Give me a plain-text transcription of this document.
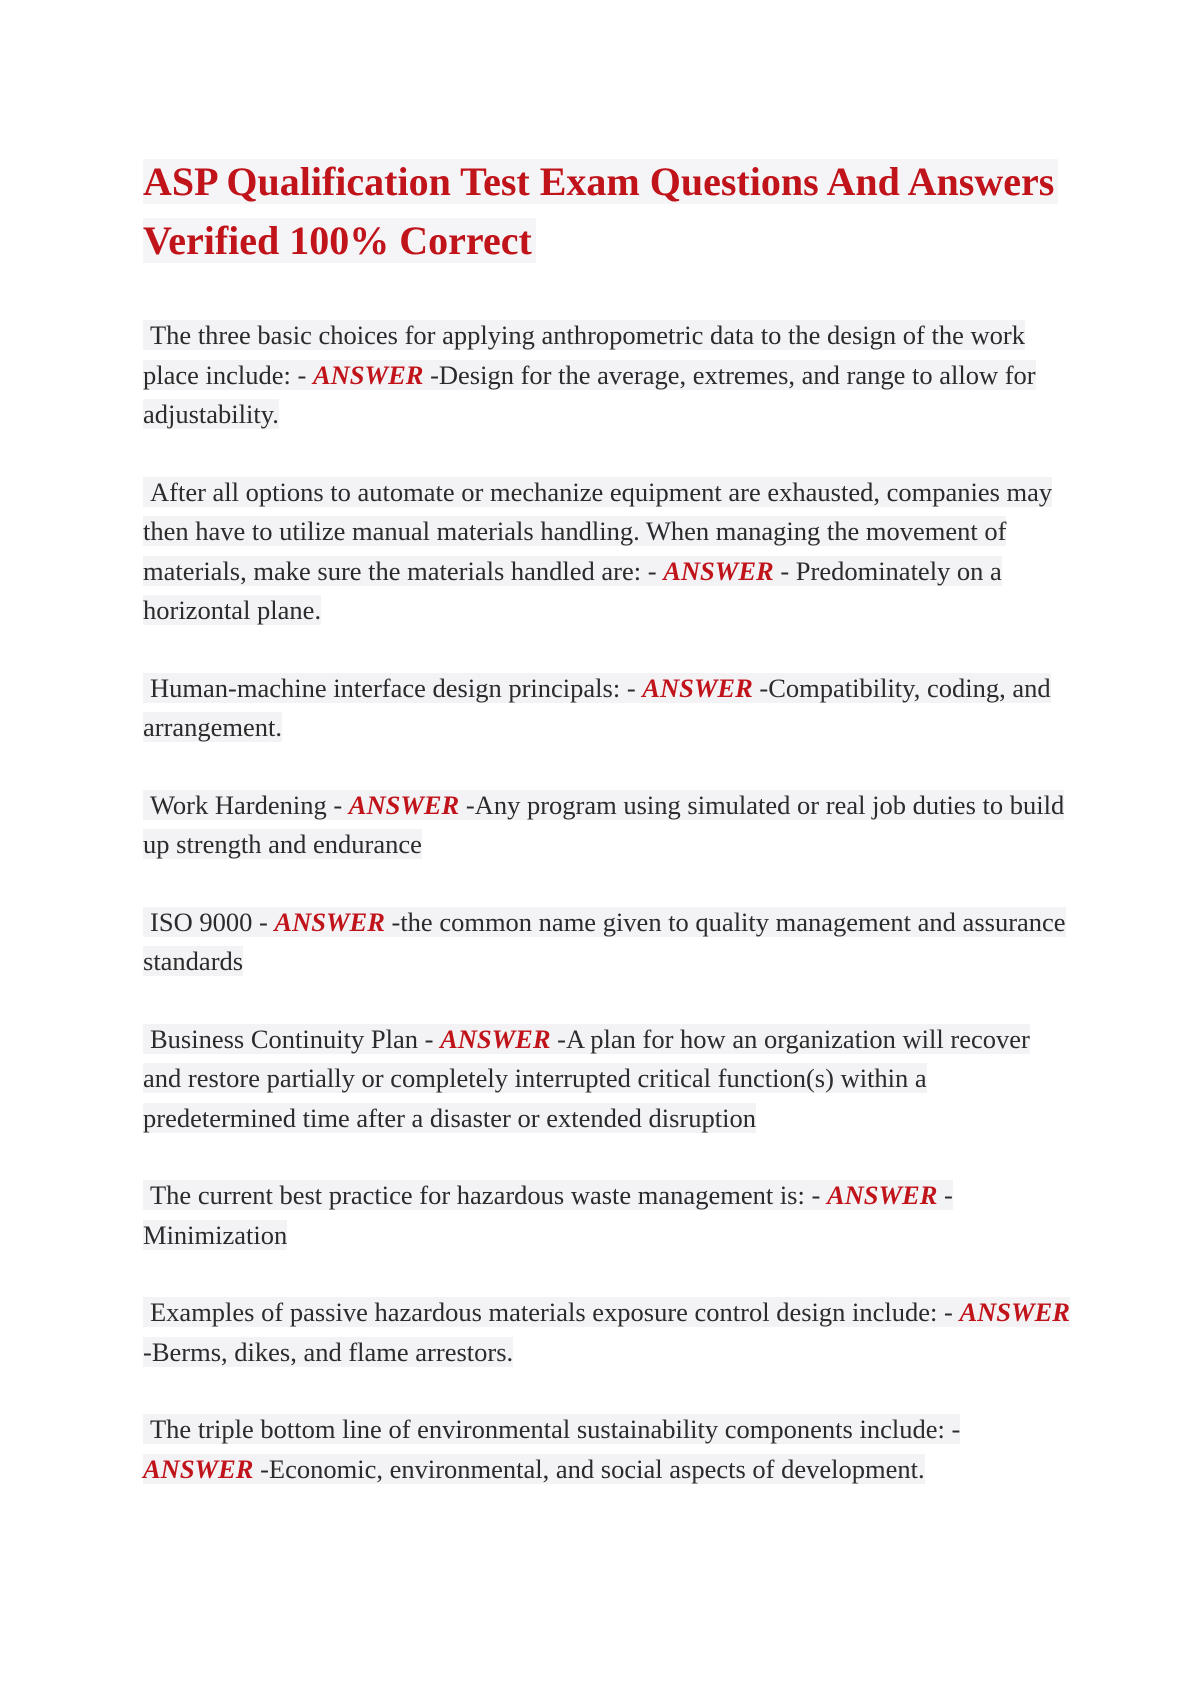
ASP Qualification Test Exam Questions And Answers
Verified 100% Correct
The three basic choices for applying anthropometric data to the design of the work place include: - ANSWER -Design for the average, extremes, and range to allow for adjustability.
After all options to automate or mechanize equipment are exhausted, companies may then have to utilize manual materials handling. When managing the movement of materials, make sure the materials handled are: - ANSWER - Predominately on a horizontal plane.
Human-machine interface design principals: - ANSWER -Compatibility, coding, and arrangement.
Work Hardening - ANSWER -Any program using simulated or real job duties to build up strength and endurance
ISO 9000 - ANSWER -the common name given to quality management and assurance standards
Business Continuity Plan - ANSWER -A plan for how an organization will recover and restore partially or completely interrupted critical function(s) within a predetermined time after a disaster or extended disruption
The current best practice for hazardous waste management is: - ANSWER - Minimization
Examples of passive hazardous materials exposure control design include: - ANSWER -Berms, dikes, and flame arrestors.
The triple bottom line of environmental sustainability components include: - ANSWER -Economic, environmental, and social aspects of development.
